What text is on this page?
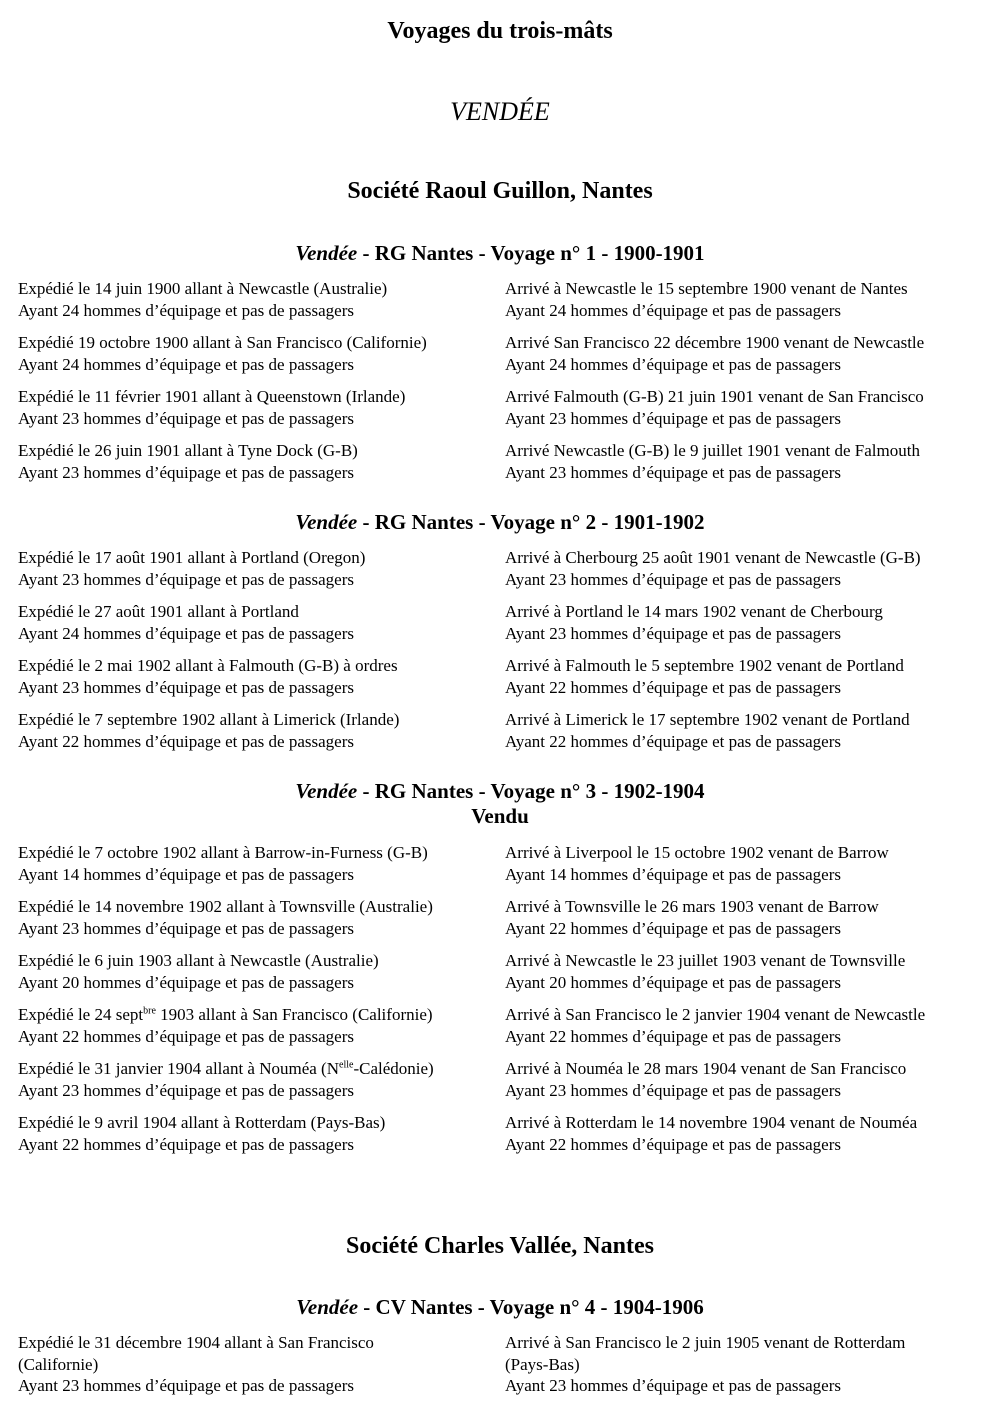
Voyages du trois-mâts
VENDÉE
Société Raoul Guillon, Nantes
Vendée - RG Nantes - Voyage n° 1 - 1900-1901
Expédié le 14 juin 1900 allant à Newcastle (Australie)
Ayant 24 hommes d’équipage et pas de passagers
Arrivé à Newcastle le 15 septembre 1900 venant de Nantes
Ayant 24 hommes d’équipage et pas de passagers
Expédié 19 octobre 1900 allant à San Francisco (Californie)
Ayant 24 hommes d’équipage et pas de passagers
Arrivé San Francisco 22 décembre 1900 venant de Newcastle
Ayant 24 hommes d’équipage et pas de passagers
Expédié le 11 février 1901 allant à Queenstown (Irlande)
Ayant 23 hommes d’équipage et pas de passagers
Arrivé Falmouth (G-B) 21 juin 1901 venant de San Francisco
Ayant 23 hommes d’équipage et pas de passagers
Expédié le 26 juin 1901 allant à Tyne Dock (G-B)
Ayant 23 hommes d’équipage et pas de passagers
Arrivé Newcastle (G-B) le 9 juillet 1901 venant de Falmouth
Ayant 23 hommes d’équipage et pas de passagers
Vendée - RG Nantes - Voyage n° 2 - 1901-1902
Expédié le 17 août 1901 allant à Portland (Oregon)
Ayant 23 hommes d’équipage et pas de passagers
Arrivé à Cherbourg 25 août 1901 venant de Newcastle (G-B)
Ayant 23 hommes d’équipage et pas de passagers
Expédié le 27 août 1901 allant à Portland
Ayant 24 hommes d’équipage et pas de passagers
Arrivé à Portland le 14 mars 1902 venant de Cherbourg
Ayant 23 hommes d’équipage et pas de passagers
Expédié le 2 mai 1902 allant à Falmouth (G-B) à ordres
Ayant 23 hommes d’équipage et pas de passagers
Arrivé à Falmouth le 5 septembre 1902 venant de Portland
Ayant 22 hommes d’équipage et pas de passagers
Expédié le 7 septembre 1902 allant à Limerick (Irlande)
Ayant 22 hommes d’équipage et pas de passagers
Arrivé à Limerick le 17 septembre 1902 venant de Portland
Ayant 22 hommes d’équipage et pas de passagers
Vendée - RG Nantes - Voyage n° 3 - 1902-1904
Vendu
Expédié le 7 octobre 1902 allant à Barrow-in-Furness (G-B)
Ayant 14 hommes d’équipage et pas de passagers
Arrivé à Liverpool le 15 octobre 1902 venant de Barrow
Ayant 14 hommes d’équipage et pas de passagers
Expédié le 14 novembre 1902 allant à Townsville (Australie)
Ayant 23 hommes d’équipage et pas de passagers
Arrivé à Townsville le 26 mars 1903 venant de Barrow
Ayant 22 hommes d’équipage et pas de passagers
Expédié le 6 juin 1903 allant à Newcastle (Australie)
Ayant 20 hommes d’équipage et pas de passagers
Arrivé à Newcastle le 23 juillet 1903 venant de Townsville
Ayant 20 hommes d’équipage et pas de passagers
Expédié le 24 sept$^{bre}$ 1903 allant à San Francisco (Californie)
Ayant 22 hommes d’équipage et pas de passagers
Arrivé à San Francisco le 2 janvier 1904 venant de Newcastle
Ayant 22 hommes d’équipage et pas de passagers
Expédié le 31 janvier 1904 allant à Nouméa $(N^{elle}-Calédonie)$
Ayant 23 hommes d’équipage et pas de passagers
Arrivé à Nouméa le 28 mars 1904 venant de San Francisco
Ayant 23 hommes d’équipage et pas de passagers
Expédié le 9 avril 1904 allant à Rotterdam (Pays-Bas)
Ayant 22 hommes d’équipage et pas de passagers
Arrivé à Rotterdam le 14 novembre 1904 venant de Nouméa
Ayant 22 hommes d’équipage et pas de passagers
Société Charles Vallée, Nantes
Vendée - CV Nantes - Voyage n° 4 - 1904-1906
Expédié le 31 décembre 1904 allant à San Francisco
(Californie)
Ayant 23 hommes d’équipage et pas de passagers
Arrivé à San Francisco le 2 juin 1905 venant de Rotterdam
(Pays-Bas)
Ayant 23 hommes d’équipage et pas de passagers
